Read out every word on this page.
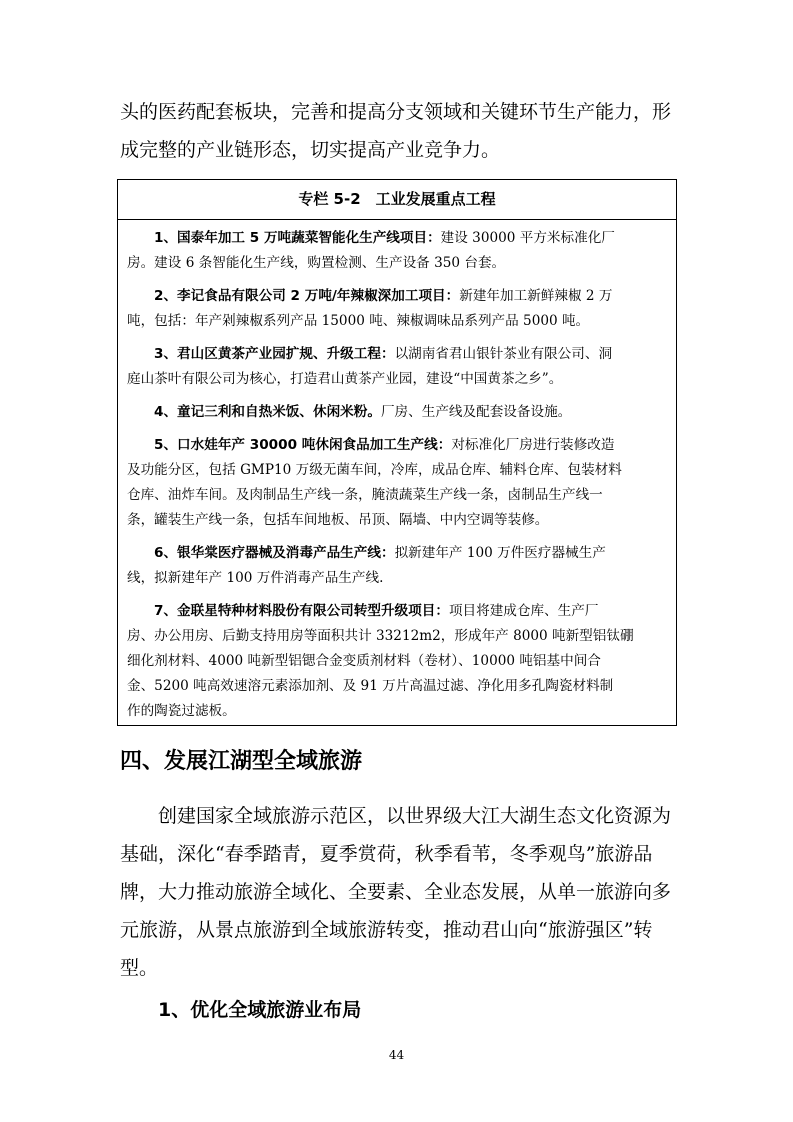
头的医药配套板块，完善和提高分支领域和关键环节生产能力，形
成完整的产业链形态，切实提高产业竞争力。
专栏 5-2　工业发展重点工程
1、国泰年加工 5 万吨蔬菜智能化生产线项目：建设 30000 平方米标准化厂
房。建设 6 条智能化生产线，购置检测、生产设备 350 台套。
2、李记食品有限公司 2 万吨/年辣椒深加工项目：新建年加工新鲜辣椒 2 万
吨，包括：年产剁辣椒系列产品 15000 吨、辣椒调味品系列产品 5000 吨。
3、君山区黄茶产业园扩规、升级工程：以湖南省君山银针茶业有限公司、洞
庭山茶叶有限公司为核心，打造君山黄茶产业园，建设“中国黄茶之乡”。
4、童记三利和自热米饭、休闲米粉。厂房、生产线及配套设备设施。
5、口水娃年产 30000 吨休闲食品加工生产线：对标准化厂房进行装修改造
及功能分区，包括 GMP10 万级无菌车间，冷库，成品仓库、辅料仓库、包装材料
仓库、油炸车间。及肉制品生产线一条，腌渍蔬菜生产线一条，卤制品生产线一
条，罐装生产线一条，包括车间地板、吊顶、隔墙、中内空调等装修。
6、银华棠医疗器械及消毒产品生产线：拟新建年产 100 万件医疗器械生产
线，拟新建年产 100 万件消毒产品生产线.
7、金联星特种材料股份有限公司转型升级项目：项目将建成仓库、生产厂
房、办公用房、后勤支持用房等面积共计 33212m2，形成年产 8000 吨新型铝钛硼
细化剂材料、4000 吨新型铝锶合金变质剂材料（卷材）、10000 吨铝基中间合
金、5200 吨高效速溶元素添加剂、及 91 万片高温过滤、净化用多孔陶瓷材料制
作的陶瓷过滤板。
四、发展江湖型全域旅游
创建国家全域旅游示范区，以世界级大江大湖生态文化资源为
基础，深化“春季踏青，夏季赏荷，秋季看苇，冬季观鸟”旅游品
牌，大力推动旅游全域化、全要素、全业态发展，从单一旅游向多
元旅游，从景点旅游到全域旅游转变，推动君山向“旅游强区”转
型。
1、优化全域旅游业布局
44
